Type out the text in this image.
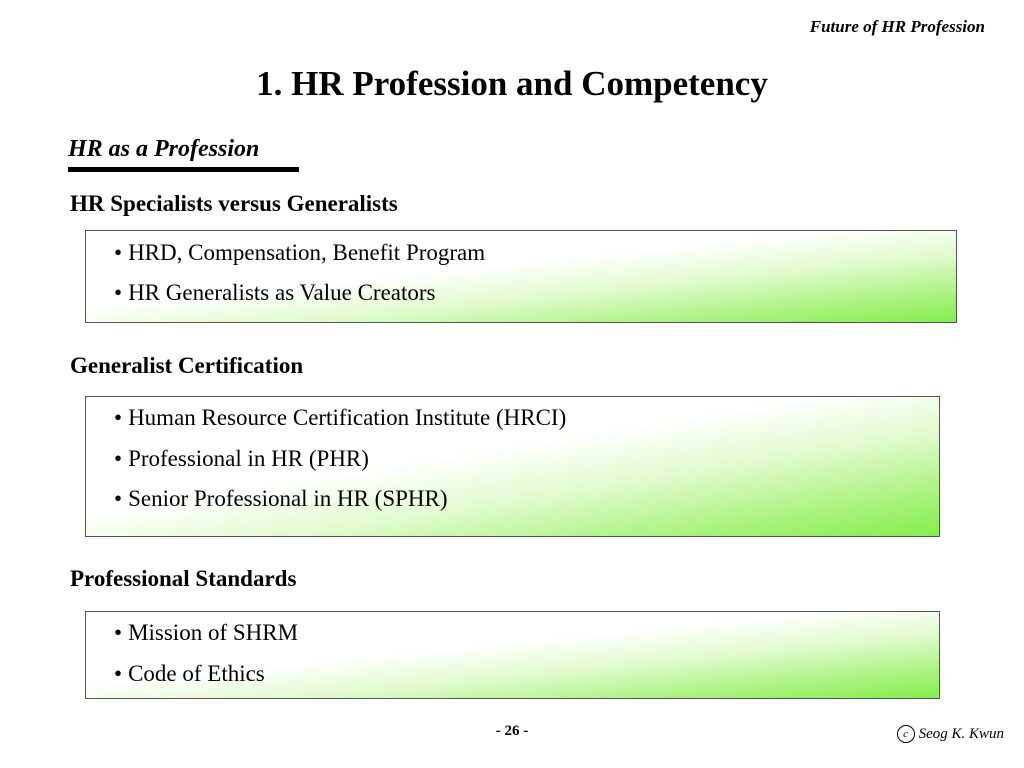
Future of HR Profession
1. HR Profession and Competency
HR as a Profession
HR Specialists versus Generalists
• HRD, Compensation, Benefit Program
• HR Generalists as Value Creators
Generalist Certification
• Human Resource Certification Institute (HRCI)
• Professional in HR (PHR)
• Senior Professional in HR (SPHR)
Professional Standards
• Mission of SHRM
• Code of Ethics
- 26 -	c Seog K. Kwun
